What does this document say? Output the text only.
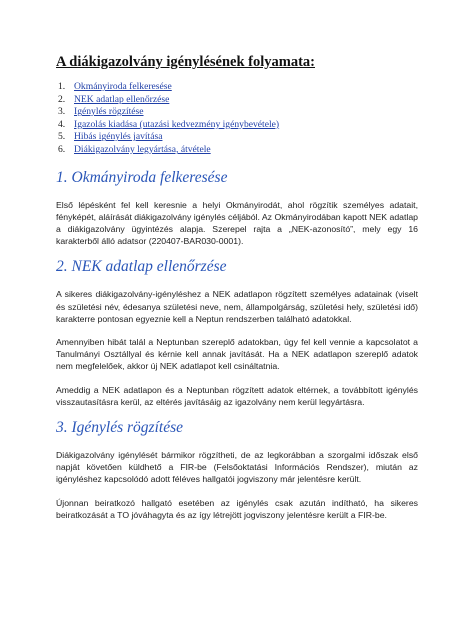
A diákigazolvány igénylésének folyamata:
1. Okmányiroda felkeresése
2. NEK adatlap ellenőrzése
3. Igénylés rögzítése
4. Igazolás kiadása (utazási kedvezmény igénybevétele)
5. Hibás igénylés javítása
6. Diákigazolvány legyártása, átvétele
1. Okmányiroda felkeresése

Első lépésként fel kell keresnie a helyi Okmányirodát, ahol rögzítik személyes adatait, fényképét, aláírását diákigazolvány igénylés céljából. Az Okmányirodában kapott NEK adatlap a diákigazolvány ügyintézés alapja. Szerepel rajta a „NEK-azonosító”, mely egy 16 karakterből álló adatsor (220407-BAR030-0001).

2. NEK adatlap ellenőrzése

A sikeres diákigazolvány-igényléshez a NEK adatlapon rögzített személyes adatainak (viselt és születési név, édesanya születési neve, nem, állampolgárság, születési hely, születési idő) karakterre pontosan egyeznie kell a Neptun rendszerben található adatokkal.

Amennyiben hibát talál a Neptunban szereplő adatokban, úgy fel kell vennie a kapcsolatot a Tanulmányi Osztállyal és kérnie kell annak javítását. Ha a NEK adatlapon szereplő adatok nem megfelelőek, akkor új NEK adatlapot kell csináltatnia.

Ameddig a NEK adatlapon és a Neptunban rögzített adatok eltérnek, a továbbított igénylés visszautasításra kerül, az eltérés javításáig az igazolvány nem kerül legyártásra.

3. Igénylés rögzítése

Diákigazolvány igénylését bármikor rögzítheti, de az legkorábban a szorgalmi időszak első napját követően küldhető a FIR-be (Felsőoktatási Információs Rendszer), miután az igényléshez kapcsolódó adott féléves hallgatói jogviszony már jelentésre került.

Újonnan beiratkozó hallgató esetében az igénylés csak azután indítható, ha sikeres beiratkozását a TO jóváhagyta és az így létrejött jogviszony jelentésre került a FIR-be.
